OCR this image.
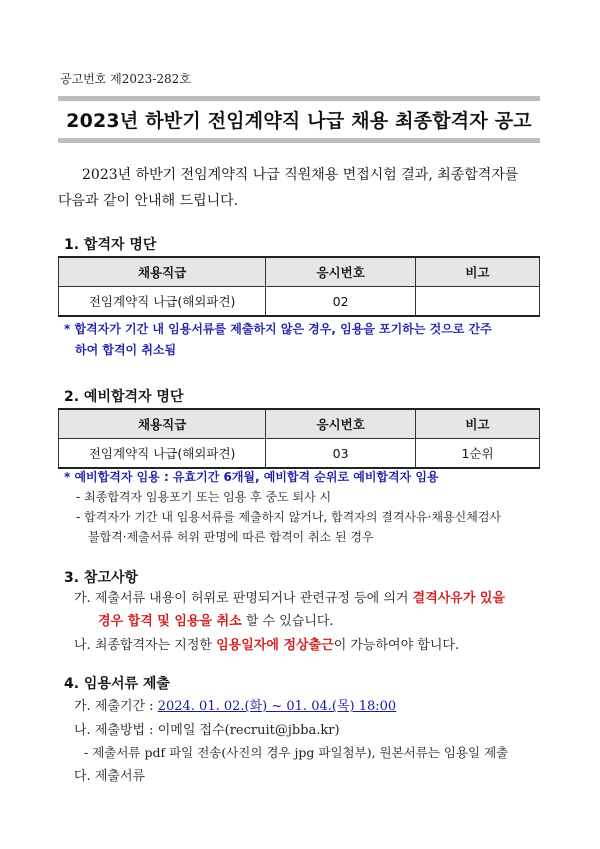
공고번호 제2023-282호
2023년 하반기 전임계약직 나급 채용 최종합격자 공고
2023년 하반기 전임계약직 나급 직원채용 면접시험 결과, 최종합격자를
다음과 같이 안내해 드립니다.
1. 합격자 명단
채용직급	응시번호	비고
전임계약직 나급(해외파견)	02	
* 합격자가 기간 내 임용서류를 제출하지 않은 경우, 임용을 포기하는 것으로 간주
하여 합격이 취소됨
2. 예비합격자 명단
채용직급	응시번호	비고
전임계약직 나급(해외파견)	03	1순위
* 예비합격자 임용 : 유효기간 6개월, 예비합격 순위로 예비합격자 임용
- 최종합격자 임용포기 또는 임용 후 중도 퇴사 시
- 합격자가 기간 내 임용서류를 제출하지 않거나, 합격자의 결격사유·채용신체검사
불합격·제출서류 허위 판명에 따른 합격이 취소 된 경우
3. 참고사항
가. 제출서류 내용이 허위로 판명되거나 관련규정 등에 의거 결격사유가 있을
경우 합격 및 임용을 취소 할 수 있습니다.
나. 최종합격자는 지정한 임용일자에 정상출근이 가능하여야 합니다.
4. 임용서류 제출
가. 제출기간 : 2024. 01. 02.(화) ~ 01. 04.(목) 18:00
나. 제출방법 : 이메일 접수(recruit@jbba.kr)
- 제출서류 pdf 파일 전송(사진의 경우 jpg 파일첨부), 원본서류는 임용일 제출
다. 제출서류
